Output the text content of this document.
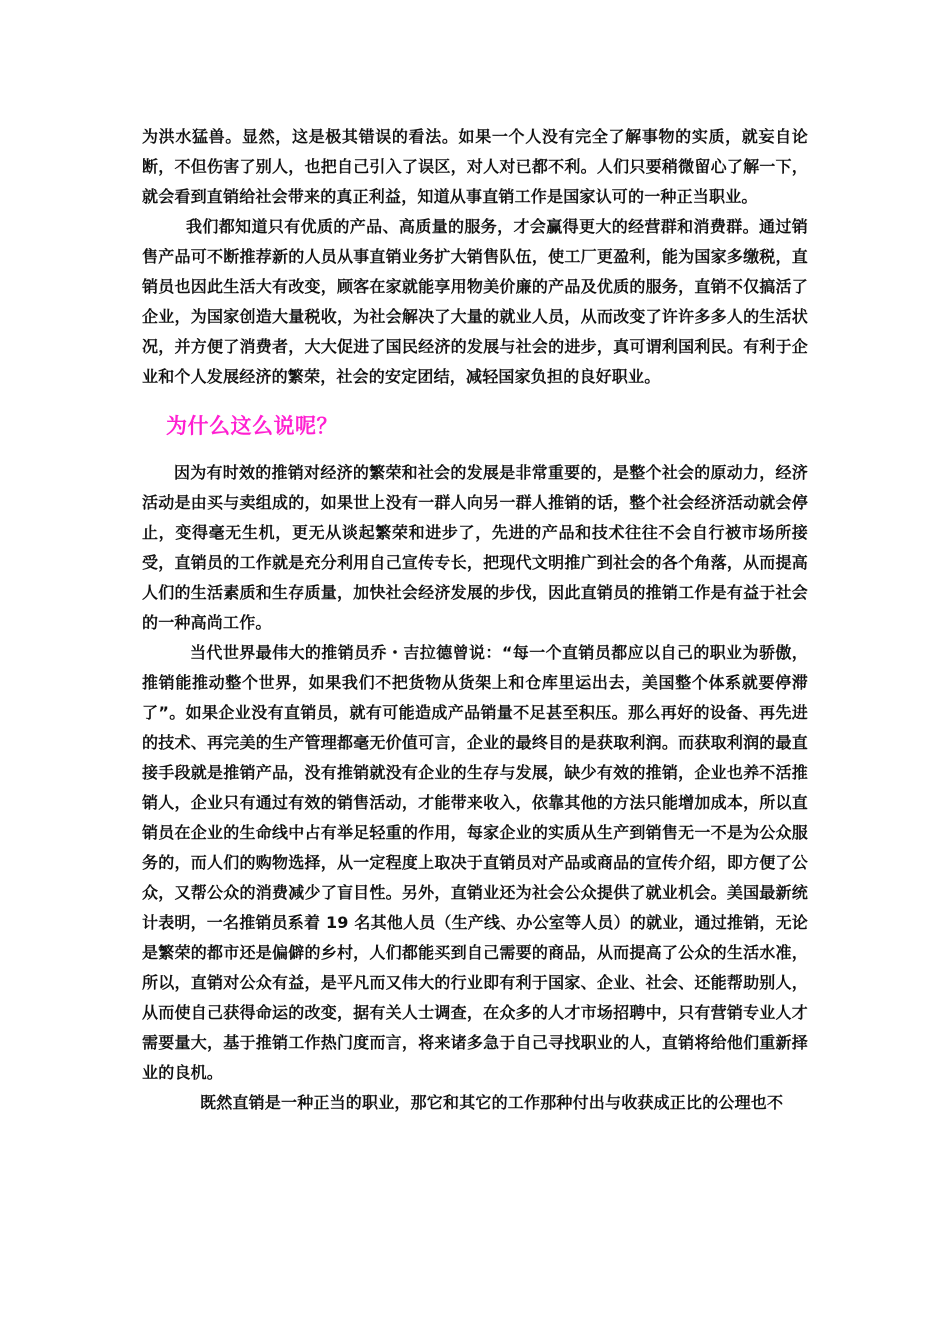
为洪水猛兽。显然，这是极其错误的看法。如果一个人没有完全了解事物的实质，就妄自论断，不但伤害了别人，也把自己引入了误区，对人对已都不利。人们只要稍微留心了解一下，就会看到直销给社会带来的真正利益，知道从事直销工作是国家认可的一种正当职业。

我们都知道只有优质的产品、高质量的服务，才会赢得更大的经营群和消费群。通过销售产品可不断推荐新的人员从事直销业务扩大销售队伍，使工厂更盈利，能为国家多缴税，直销员也因此生活大有改变，顾客在家就能享用物美价廉的产品及优质的服务，直销不仅搞活了企业，为国家创造大量税收，为社会解决了大量的就业人员，从而改变了许许多多人的生活状况，并方便了消费者，大大促进了国民经济的发展与社会的进步，真可谓利国利民。有利于企业和个人发展经济的繁荣，社会的安定团结，减轻国家负担的良好职业。

为什么这么说呢？

因为有时效的推销对经济的繁荣和社会的发展是非常重要的，是整个社会的原动力，经济活动是由买与卖组成的，如果世上没有一群人向另一群人推销的话，整个社会经济活动就会停止，变得毫无生机，更无从谈起繁荣和进步了，先进的产品和技术往往不会自行被市场所接受，直销员的工作就是充分利用自己宣传专长，把现代文明推广到社会的各个角落，从而提高人们的生活素质和生存质量，加快社会经济发展的步伐，因此直销员的推销工作是有益于社会的一种高尚工作。

当代世界最伟大的推销员乔・吉拉德曾说：“每一个直销员都应以自己的职业为骄傲，推销能推动整个世界，如果我们不把货物从货架上和仓库里运出去，美国整个体系就要停滞了”。如果企业没有直销员，就有可能造成产品销量不足甚至积压。那么再好的设备、再先进的技术、再完美的生产管理都毫无价值可言，企业的最终目的是获取利润。而获取利润的最直接手段就是推销产品，没有推销就没有企业的生存与发展，缺少有效的推销，企业也养不活推销人，企业只有通过有效的销售活动，才能带来收入，依靠其他的方法只能增加成本，所以直销员在企业的生命线中占有举足轻重的作用，每家企业的实质从生产到销售无一不是为公众服务的，而人们的购物选择，从一定程度上取决于直销员对产品或商品的宣传介绍，即方便了公众，又帮公众的消费减少了盲目性。另外，直销业还为社会公众提供了就业机会。美国最新统计表明，一名推销员系着 19 名其他人员（生产线、办公室等人员）的就业，通过推销，无论是繁荣的都市还是偏僻的乡村，人们都能买到自己需要的商品，从而提高了公众的生活水准，所以，直销对公众有益，是平凡而又伟大的行业即有利于国家、企业、社会、还能帮助别人，从而使自己获得命运的改变，据有关人士调查，在众多的人才市场招聘中，只有营销专业人才需要量大，基于推销工作热门度而言，将来诸多急于自己寻找职业的人，直销将给他们重新择业的良机。

既然直销是一种正当的职业，那它和其它的工作那种付出与收获成正比的公理也不
